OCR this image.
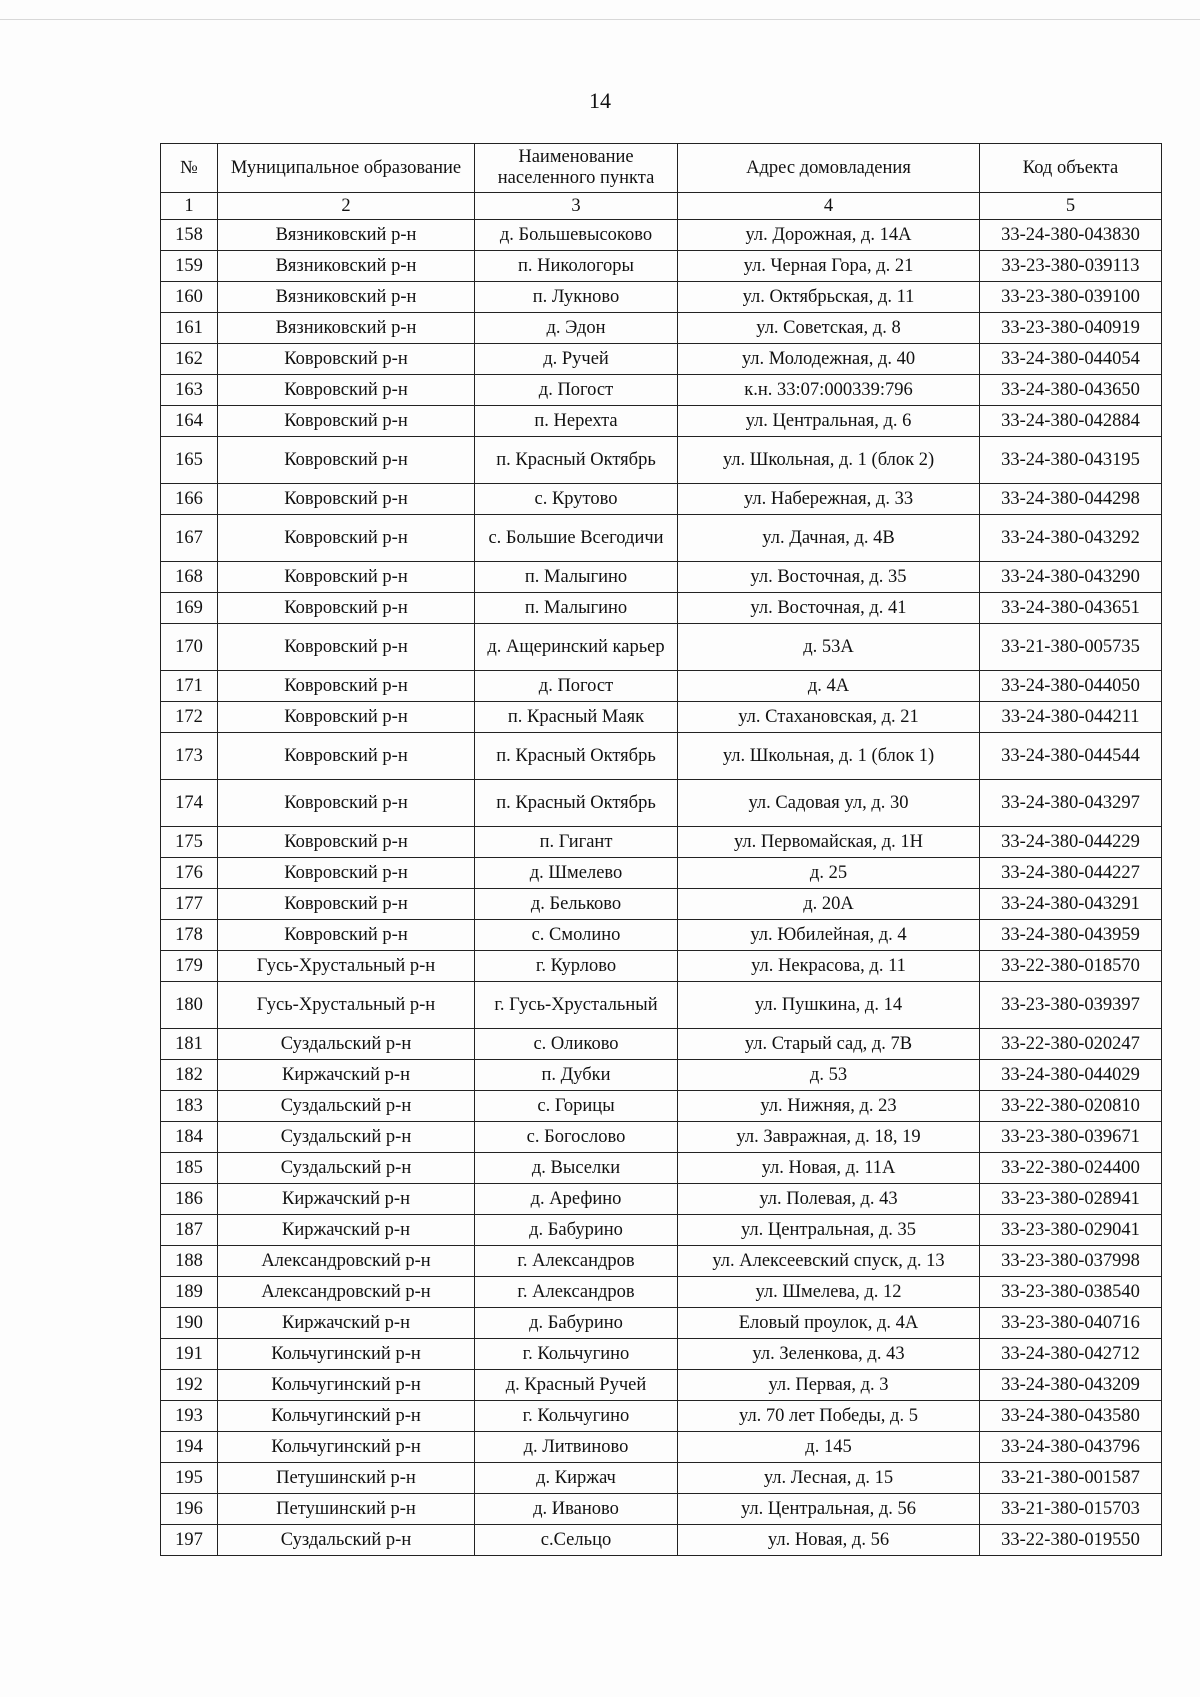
14
№	Муниципальное образование	Наименование населенного пункта	Адрес домовладения	Код объекта
1	2	3	4	5
158	Вязниковский р-н	д. Большевысоково	ул. Дорожная, д. 14А	33-24-380-043830
159	Вязниковский р-н	п. Никологоры	ул. Черная Гора, д. 21	33-23-380-039113
160	Вязниковский р-н	п. Лукново	ул. Октябрьская, д. 11	33-23-380-039100
161	Вязниковский р-н	д. Эдон	ул. Советская, д. 8	33-23-380-040919
162	Ковровский р-н	д. Ручей	ул. Молодежная, д. 40	33-24-380-044054
163	Ковровский р-н	д. Погост	к.н. 33:07:000339:796	33-24-380-043650
164	Ковровский р-н	п. Нерехта	ул. Центральная, д. 6	33-24-380-042884
165	Ковровский р-н	п. Красный Октябрь	ул. Школьная, д. 1 (блок 2)	33-24-380-043195
166	Ковровский р-н	с. Крутово	ул. Набережная, д. 33	33-24-380-044298
167	Ковровский р-н	с. Большие Всегодичи	ул. Дачная, д. 4В	33-24-380-043292
168	Ковровский р-н	п. Малыгино	ул. Восточная, д. 35	33-24-380-043290
169	Ковровский р-н	п. Малыгино	ул. Восточная, д. 41	33-24-380-043651
170	Ковровский р-н	д. Ащеринский карьер	д. 53А	33-21-380-005735
171	Ковровский р-н	д. Погост	д. 4А	33-24-380-044050
172	Ковровский р-н	п. Красный Маяк	ул. Стахановская, д. 21	33-24-380-044211
173	Ковровский р-н	п. Красный Октябрь	ул. Школьная, д. 1 (блок 1)	33-24-380-044544
174	Ковровский р-н	п. Красный Октябрь	ул. Садовая ул, д. 30	33-24-380-043297
175	Ковровский р-н	п. Гигант	ул. Первомайская, д. 1Н	33-24-380-044229
176	Ковровский р-н	д. Шмелево	д. 25	33-24-380-044227
177	Ковровский р-н	д. Бельково	д. 20А	33-24-380-043291
178	Ковровский р-н	с. Смолино	ул. Юбилейная, д. 4	33-24-380-043959
179	Гусь-Хрустальный р-н	г. Курлово	ул. Некрасова, д. 11	33-22-380-018570
180	Гусь-Хрустальный р-н	г. Гусь-Хрустальный	ул. Пушкина, д. 14	33-23-380-039397
181	Суздальский р-н	с. Оликово	ул. Старый сад, д. 7В	33-22-380-020247
182	Киржачский р-н	п. Дубки	д. 53	33-24-380-044029
183	Суздальский р-н	с. Горицы	ул. Нижняя, д. 23	33-22-380-020810
184	Суздальский р-н	с. Богослово	ул. Завражная, д. 18, 19	33-23-380-039671
185	Суздальский р-н	д. Выселки	ул. Новая, д. 11А	33-22-380-024400
186	Киржачский р-н	д. Арефино	ул. Полевая, д. 43	33-23-380-028941
187	Киржачский р-н	д. Бабурино	ул. Центральная, д. 35	33-23-380-029041
188	Александровский р-н	г. Александров	ул. Алексеевский спуск, д. 13	33-23-380-037998
189	Александровский р-н	г. Александров	ул. Шмелева, д. 12	33-23-380-038540
190	Киржачский р-н	д. Бабурино	Еловый проулок, д. 4А	33-23-380-040716
191	Кольчугинский р-н	г. Кольчугино	ул. Зеленкова, д. 43	33-24-380-042712
192	Кольчугинский р-н	д. Красный Ручей	ул. Первая, д. 3	33-24-380-043209
193	Кольчугинский р-н	г. Кольчугино	ул. 70 лет Победы, д. 5	33-24-380-043580
194	Кольчугинский р-н	д. Литвиново	д. 145	33-24-380-043796
195	Петушинский р-н	д. Киржач	ул. Лесная, д. 15	33-21-380-001587
196	Петушинский р-н	д. Иваново	ул. Центральная, д. 56	33-21-380-015703
197	Суздальский р-н	с.Сельцо	ул. Новая, д. 56	33-22-380-019550
